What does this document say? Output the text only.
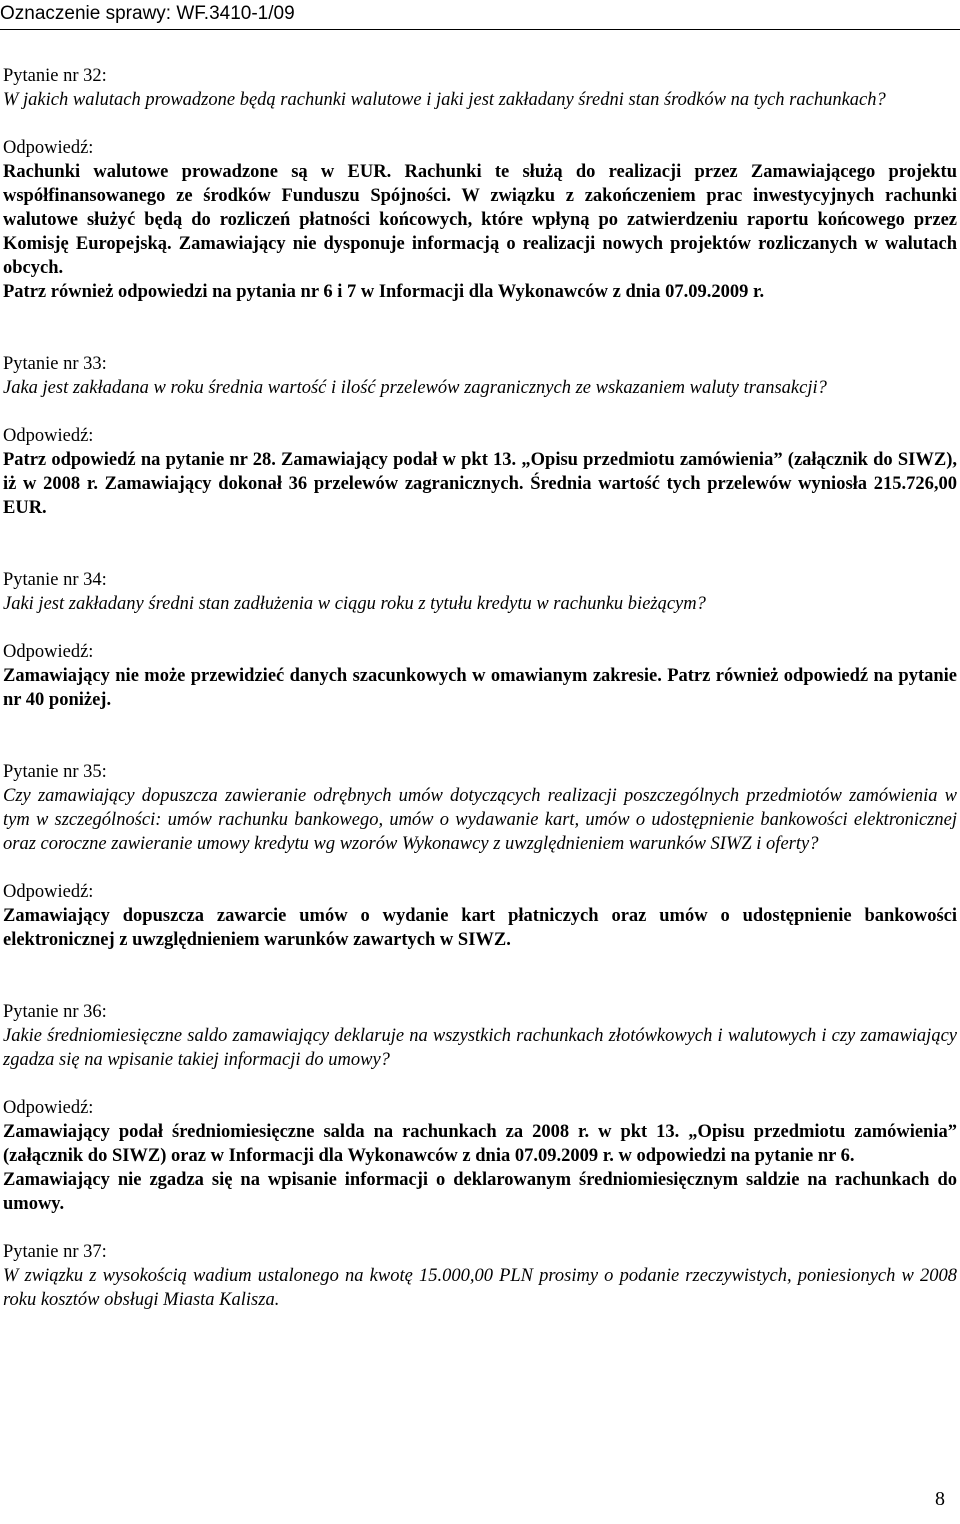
Oznaczenie sprawy: WF.3410-1/09

Pytanie nr 32:

W jakich walutach prowadzone będą rachunki walutowe i jaki jest zakładany średni stan środków na tych rachunkach?

Odpowiedź:

Rachunki walutowe prowadzone są w EUR. Rachunki te służą do realizacji przez Zamawiającego projektu współfinansowanego ze środków Funduszu Spójności. W związku z zakończeniem prac inwestycyjnych rachunki walutowe służyć będą do rozliczeń płatności końcowych, które wpłyną po zatwierdzeniu raportu końcowego przez Komisję Europejską. Zamawiający nie dysponuje informacją o realizacji nowych projektów rozliczanych w walutach obcych.

Patrz również odpowiedzi na pytania nr 6 i 7 w Informacji dla Wykonawców z dnia 07.09.2009 r.

Pytanie nr 33:

Jaka jest zakładana w roku średnia wartość i ilość przelewów zagranicznych ze wskazaniem waluty transakcji?

Odpowiedź:

Patrz odpowiedź na pytanie nr 28. Zamawiający podał w pkt 13. „Opisu przedmiotu zamówienia” (załącznik do SIWZ), iż w 2008 r. Zamawiający dokonał 36 przelewów zagranicznych. Średnia wartość tych przelewów wyniosła 215.726,00 EUR.

Pytanie nr 34:

Jaki jest zakładany średni stan zadłużenia w ciągu roku z tytułu kredytu w rachunku bieżącym?

Odpowiedź:

Zamawiający nie może przewidzieć danych szacunkowych w omawianym zakresie. Patrz również odpowiedź na pytanie nr 40 poniżej.

Pytanie nr 35:

Czy zamawiający dopuszcza zawieranie odrębnych umów dotyczących realizacji poszczególnych przedmiotów zamówienia w tym w szczególności: umów rachunku bankowego, umów o wydawanie kart, umów o udostępnienie bankowości elektronicznej oraz coroczne zawieranie umowy kredytu wg wzorów Wykonawcy z uwzględnieniem warunków SIWZ i oferty?

Odpowiedź:

Zamawiający dopuszcza zawarcie umów o wydanie kart płatniczych oraz umów o udostępnienie bankowości elektronicznej z uwzględnieniem warunków zawartych w SIWZ.

Pytanie nr 36:

Jakie średniomiesięczne saldo zamawiający deklaruje na wszystkich rachunkach złotówkowych i walutowych i czy zamawiający zgadza się na wpisanie takiej informacji do umowy?

Odpowiedź:

Zamawiający podał średniomiesięczne salda na rachunkach za 2008 r. w pkt 13. „Opisu przedmiotu zamówienia” (załącznik do SIWZ) oraz w Informacji dla Wykonawców z dnia 07.09.2009 r. w odpowiedzi na pytanie nr 6.

Zamawiający nie zgadza się na wpisanie informacji o deklarowanym średniomiesięcznym saldzie na rachunkach do umowy.

Pytanie nr 37:

W związku z wysokością wadium ustalonego na kwotę 15.000,00 PLN prosimy o podanie rzeczywistych, poniesionych w 2008 roku kosztów obsługi Miasta Kalisza.

8
